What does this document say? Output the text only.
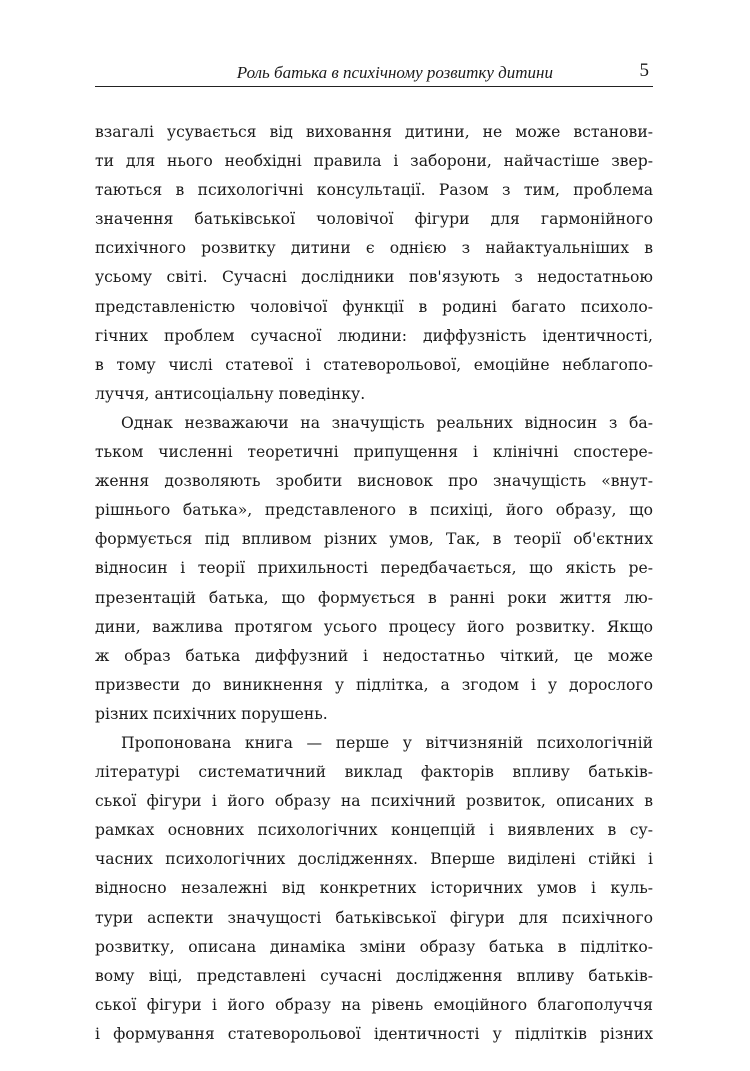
Роль батька в психічному розвитку дитини	5
взагалі усувається від виховання дитини, не може встанови-
ти для нього необхідні правила і заборони, найчастіше звер-
таються в психологічні консультації. Разом з тим, проблема
значення батьківської чоловічої фігури для гармонійного
психічного розвитку дитини є однією з найактуальніших в
усьому світі. Сучасні дослідники пов'язують з недостатньою
представленістю чоловічої функції в родині багато психоло-
гічних проблем сучасної людини: диффузність ідентичності,
в тому числі статевої і статеворольової, емоційне неблагопо-
луччя, антисоціальну поведінку.
Однак незважаючи на значущість реальних відносин з ба-
тьком численні теоретичні припущення і клінічні спостере-
ження дозволяють зробити висновок про значущість «внут-
рішнього батька», представленого в психіці, його образу, що
формується під впливом різних умов, Так, в теорії об'єктних
відносин і теорії прихильності передбачається, що якість ре-
презентацій батька, що формується в ранні роки життя лю-
дини, важлива протягом усього процесу його розвитку. Якщо
ж образ батька диффузний і недостатньо чіткий, це може
призвести до виникнення у підлітка, а згодом і у дорослого
різних психічних порушень.
Пропонована книга — перше у вітчизняній психологічній
літературі систематичний виклад факторів впливу батьків-
ської фігури і його образу на психічний розвиток, описаних в
рамках основних психологічних концепцій і виявлених в су-
часних психологічних дослідженнях. Вперше виділені стійкі і
відносно незалежні від конкретних історичних умов і куль-
тури аспекти значущості батьківської фігури для психічного
розвитку, описана динаміка зміни образу батька в підлітко-
вому віці, представлені сучасні дослідження впливу батьків-
ської фігури і його образу на рівень емоційного благополуччя
і формування статеворольової ідентичності у підлітків різних
